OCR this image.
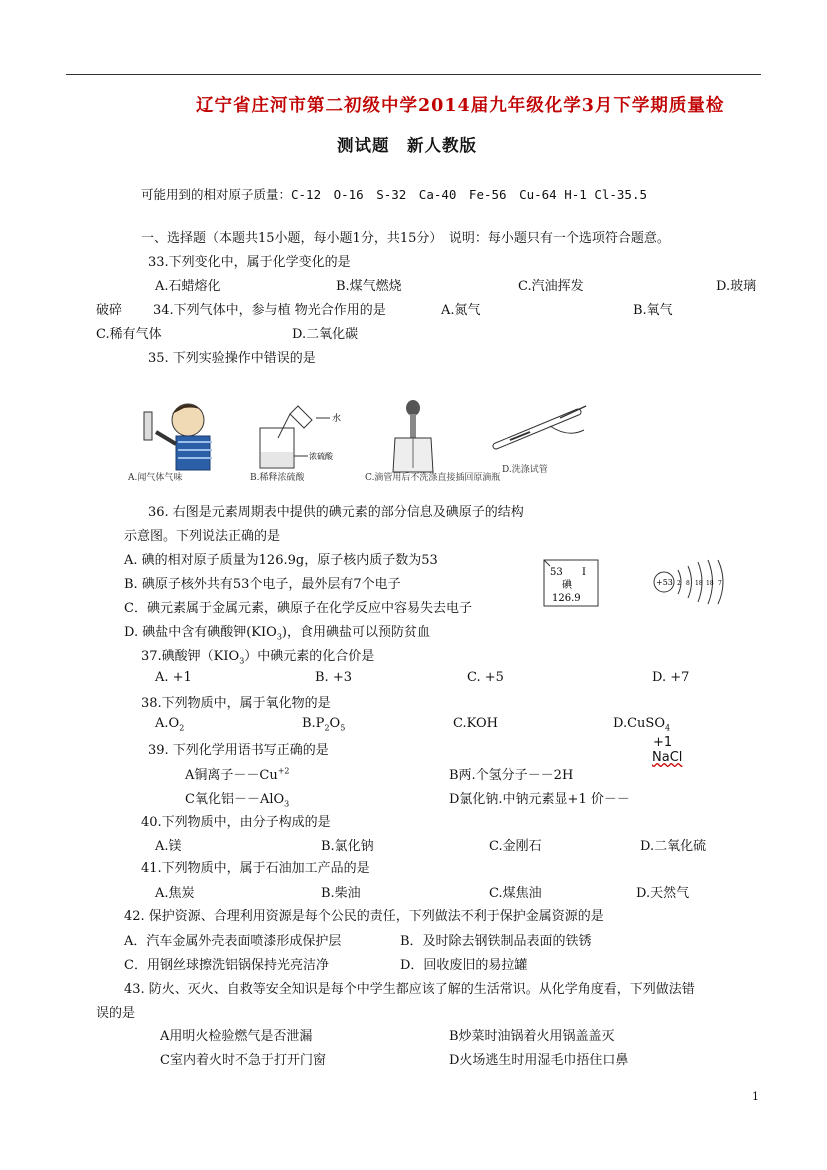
辽宁省庄河市第二初级中学2014届九年级化学3月下学期质量检
测试题　新人教版
可能用到的相对原子质量：C-12　O-16　S-32　Ca-40　Fe-56　Cu-64 H-1 Cl-35.5
一、选择题（本题共15小题，每小题1分，共15分）　说明：每小题只有一个选项符合题意。
33.下列变化中，属于化学变化的是
A.石蜡熔化	B.煤气燃烧	C.汽油挥发	D.玻璃
破碎 34.下列气体中，参与植 物光合作用的是	A.氮气	B.氧气
C.稀有气体	D.二氧化碳
35. 下列实验操作中错误的是
A.闻气体气味
水
浓硫酸
B.稀释浓硫酸	C.滴管用后不洗涤直接插回原滴瓶
D.洗涤试管
36. 右图是元素周期表中提供的碘元素的部分信息及碘原子的结构
示意图。下列说法正确的是
A. 碘的相对原子质量为126.9g，原子核内质子数为53
B. 碘原子核外共有53个电子，最外层有7个电子
C．碘元素属于金属元素，碘原子在化学反应中容易失去电子
D. 碘盐中含有碘酸钾$(KIO_3)$，食用碘盐可以预防贫血
53 I
碘
126.9
+53 2 8 18 18 7
37.碘酸钾$(KIO_3)$中碘元素的化合价是
A. +1	B. +3	C. +5	D. +7
38.下列物质中，属于氧化物的是
$A.O_2$	$B.P_2O_5$	C.KOH	D.CuSO$_4$
39. 下列化学用语书写正确的是
+1
NaCl
A铜离子$--Cu^{+2}$	B两.个氢分子－－2H
C氧化铝－－AlO$_3$	D氯化钠.中钠元素显+1 价－－
40.下列物质中，由分子构成的是
A.镁	B.氯化钠	C.金刚石	D.二氧化硫
41.下列物质中，属于石油加工产品的是
A.焦炭	B.柴油	C.煤焦油	D.天然气
42. 保护资源、合理利用资源是每个公民的责任，下列做法不利于保护金属资源的是
A．汽车金属外壳表面喷漆形成保护层	B．及时除去钢铁制品表面的铁锈
C．用钢丝球擦洗铝锅保持光亮洁净	D．回收废旧的易拉罐
43. 防火、灭火、自救等安全知识是每个中学生都应该了解的生活常识。从化学角度看，下列做法错
误的是
A用明火检验燃气是否泄漏	B炒菜时油锅着火用锅盖盖灭
C室内着火时不急于打开门窗	D火场逃生时用湿毛巾捂住口鼻
1
